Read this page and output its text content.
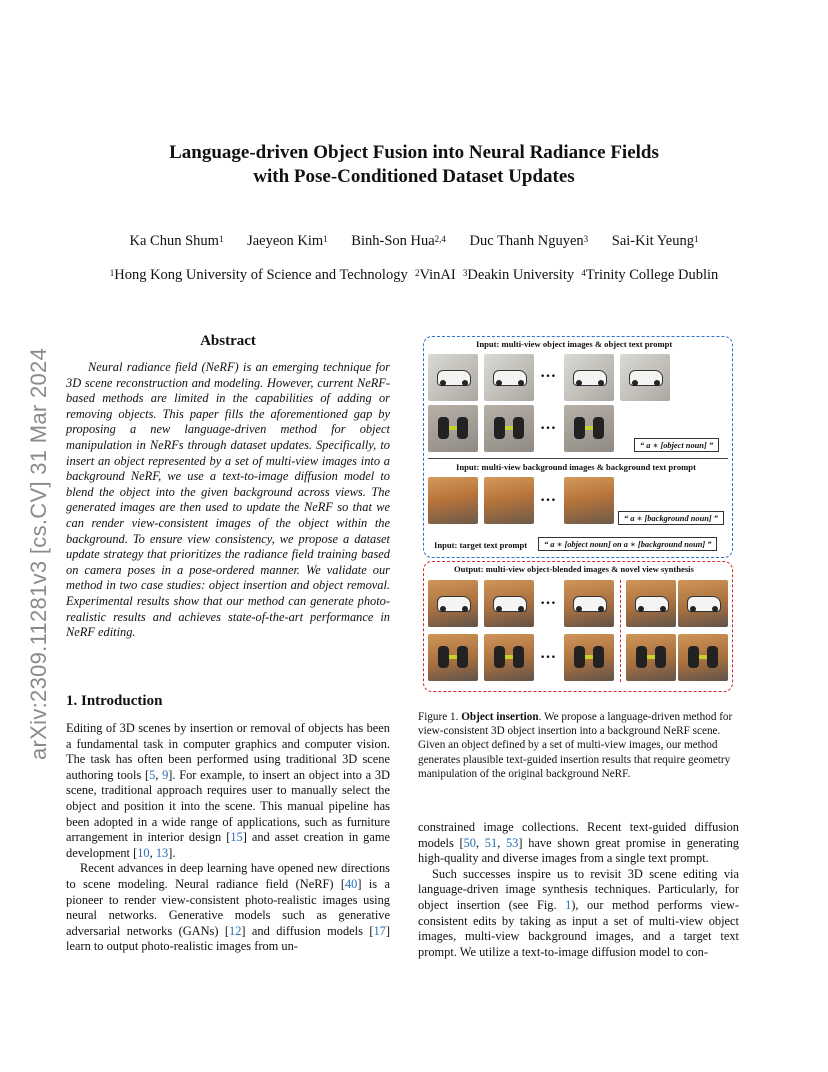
arXiv:2309.11281v3 [cs.CV] 31 Mar 2024
Language-driven Object Fusion into Neural Radiance Fields
with Pose-Conditioned Dataset Updates
Ka Chun Shum$^1$ Jaeyeon Kim$^1$ Binh-Son Hua$^{2,4}$ Duc Thanh Nguyen$^3$ Sai-Kit Yeung$^1$
$^1$Hong Kong University of Science and Technology $^2$VinAI $^3$Deakin University $^4$Trinity College Dublin
Abstract
Neural radiance field (NeRF) is an emerging technique for 3D scene reconstruction and modeling. However, current NeRF-based methods are limited in the capabilities of adding or removing objects. This paper fills the aforementioned gap by proposing a new language-driven method for object manipulation in NeRFs through dataset updates. Specifically, to insert an object represented by a set of multi-view images into a background NeRF, we use a text-to-image diffusion model to blend the object into the given background across views. The generated images are then used to update the NeRF so that we can render view-consistent images of the object within the background. To ensure view consistency, we propose a dataset update strategy that prioritizes the radiance field training based on camera poses in a pose-ordered manner. We validate our method in two case studies: object insertion and object removal. Experimental results show that our method can generate photo-realistic results and achieves state-of-the-art performance in NeRF editing.
1. Introduction

Editing of 3D scenes by insertion or removal of objects has been a fundamental task in computer graphics and computer vision. The task has often been performed using traditional 3D scene authoring tools [5, 9]. For example, to insert an object into a 3D scene, traditional approach requires user to manually select the object and position it into the scene. This manual pipeline has been adopted in a wide range of applications, such as furniture arrangement in interior design [15] and asset creation in game development [10, 13].

Recent advances in deep learning have opened new directions to scene modeling. Neural radiance field (NeRF) [40] is a pioneer to render view-consistent photo-realistic images using neural networks. Generative models such as generative adversarial networks (GANs) [12] and diffusion models [17] learn to output photo-realistic images from un-

constrained image collections. Recent text-guided diffusion models [50, 51, 53] have shown great promise in generating high-quality and diverse images from a single text prompt.

Such successes inspire us to revisit 3D scene editing via language-driven image synthesis techniques. Particularly, for object insertion (see Fig. 1), our method performs view-consistent edits by taking as input a set of multi-view object images, multi-view background images, and a target text prompt. We utilize a text-to-image diffusion model to con-

Input: multi-view object images & object text prompt
…
…
“ a ∗ [object noun] ”
Input: multi-view background images & background text prompt
…
“ a ∗ [background noun] ”
Input: target text prompt	“ a ∗ [object noun] on a ∗ [background noun] ”
Output: multi-view object-blended images & novel view synthesis
…
…
Figure 1. Object insertion. We propose a language-driven method for view-consistent 3D object insertion into a background NeRF scene. Given an object defined by a set of multi-view images, our method generates plausible text-guided insertion results that require geometry manipulation of the original background NeRF.
